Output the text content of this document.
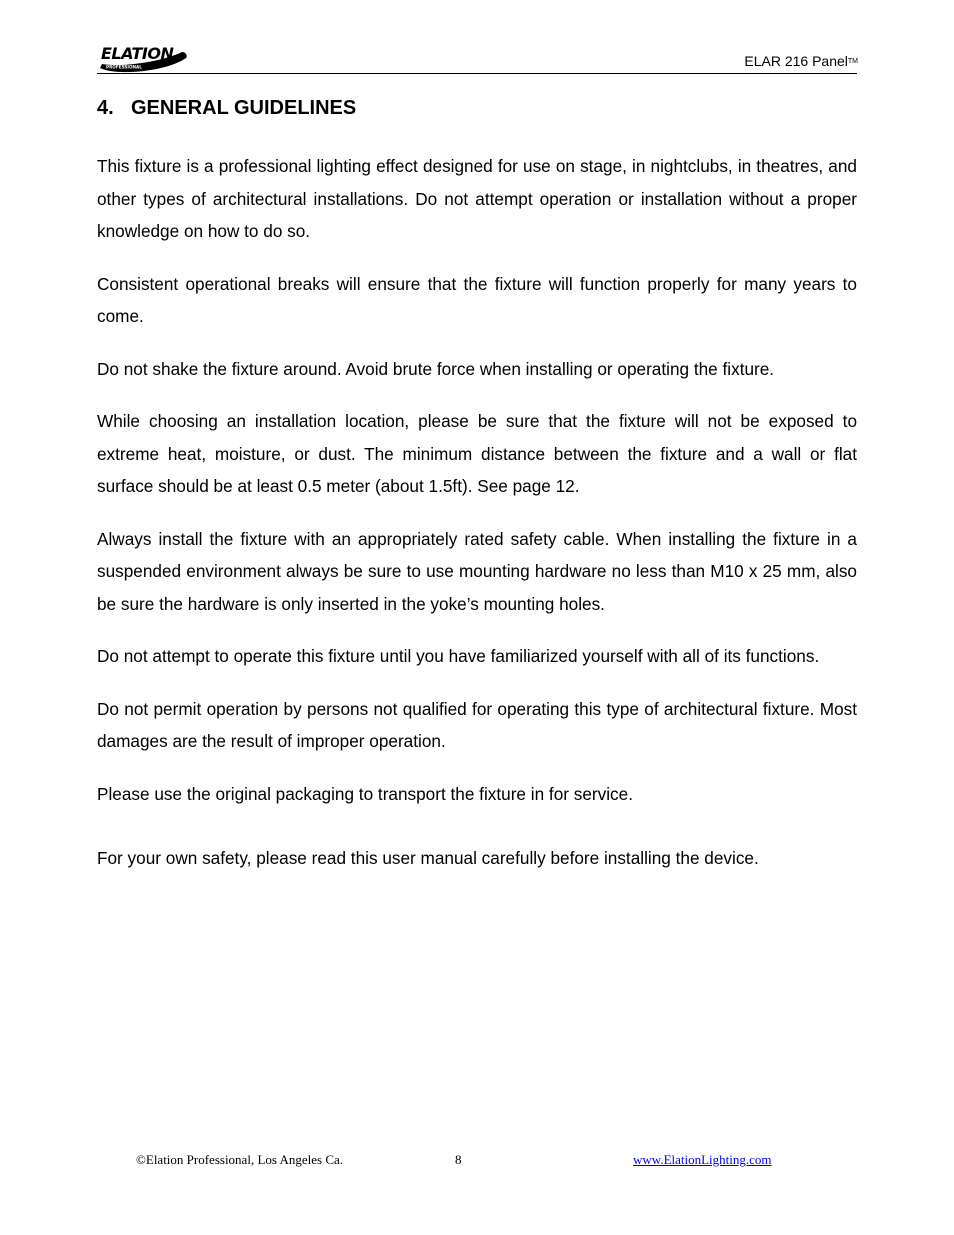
ELATION
PROFESSIONAL	ELAR 216 Panel™
4. GENERAL GUIDELINES

This fixture is a professional lighting effect designed for use on stage, in nightclubs, in theatres, and other types of architectural installations. Do not attempt operation or installation without a proper knowledge on how to do so.

Consistent operational breaks will ensure that the fixture will function properly for many years to come.

Do not shake the fixture around. Avoid brute force when installing or operating the fixture.

While choosing an installation location, please be sure that the fixture will not be exposed to extreme heat, moisture, or dust. The minimum distance between the fixture and a wall or flat surface should be at least 0.5 meter (about 1.5ft). See page 12.

Always install the fixture with an appropriately rated safety cable. When installing the fixture in a suspended environment always be sure to use mounting hardware no less than M10 x 25 mm, also be sure the hardware is only inserted in the yoke’s mounting holes.

Do not attempt to operate this fixture until you have familiarized yourself with all of its functions.

Do not permit operation by persons not qualified for operating this type of architectural fixture. Most damages are the result of improper operation.

Please use the original packaging to transport the fixture in for service.

For your own safety, please read this user manual carefully before installing the device.

©Elation Professional, Los Angeles Ca.	8	www.ElationLighting.com
